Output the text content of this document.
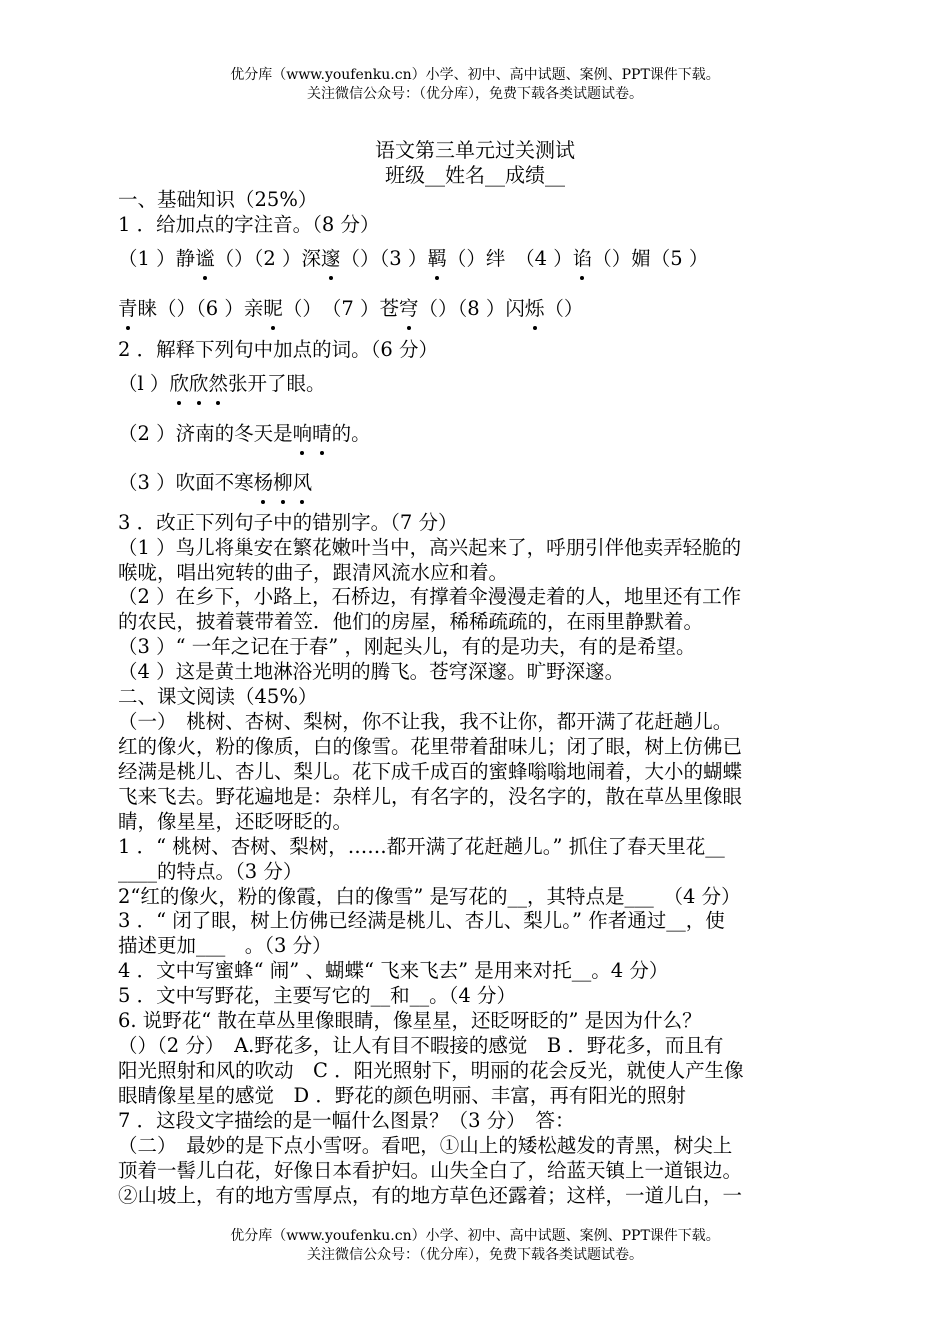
优分库（www.youfenku.cn）小学、初中、高中试题、案例、PPT课件下载。
关注微信公众号：（优分库），免费下载各类试题试卷。
语文第三单元过关测试
班级__姓名__成绩__
一、基础知识（25%）
1 ．给加点的字注音。（8 分）
（1 ）静谧（）（2 ）深邃（）（3 ）羁（）绊　（4 ）谄（）媚（5 ）
青睐（）（6 ）亲昵（）　（7 ）苍穹（）（8 ）闪烁（）
2 ．解释下列句中加点的词。（6 分）
（l ）欣欣然张开了眼。
（2 ）济南的冬天是响晴的。
（3 ）吹面不寒杨柳风
3 ．改正下列句子中的错别字。（7 分）
（1 ）鸟儿将巢安在繁花嫩叶当中，高兴起来了，呼朋引伴他卖弄轻脆的
喉咙，唱出宛转的曲子，跟清风流水应和着。
（2 ）在乡下，小路上，石桥边，有撑着伞漫漫走着的人，地里还有工作
的农民，披着蓑带着笠．他们的房屋，稀稀疏疏的，在雨里静默着。
（3 ）“ 一年之记在于春” ，刚起头儿，有的是功夫，有的是希望。
（4 ）这是黄土地淋浴光明的腾飞。苍穹深邃。旷野深邃。
二、课文阅读（45%）
（一）　桃树、杏树、梨树，你不让我，我不让你，都开满了花赶趟儿。
红的像火，粉的像质，白的像雪。花里带着甜味儿；闭了眼，树上仿佛已
经满是桃儿、杏儿、梨儿。花下成千成百的蜜蜂嗡嗡地闹着，大小的蝴蝶
飞来飞去。野花遍地是：杂样儿，有名字的，没名字的，散在草丛里像眼
睛，像星星，还眨呀眨的。
1 ．“ 桃树、杏树、梨树，……都开满了花赶趟儿。” 抓住了春天里花__
____的特点。（3 分）
2“红的像火，粉的像霞，白的像雪” 是写花的__，其特点是___　（4 分）
3 ．“ 闭了眼，树上仿佛已经满是桃儿、杏儿、梨儿。” 作者通过__，使
描述更加___　。（3 分）
4 ．文中写蜜蜂“ 闹” 、蝴蝶“ 飞来飞去” 是用来对托__。4 分）
5 ．文中写野花，主要写它的__和__。（4 分）
6. 说野花“ 散在草丛里像眼睛，像星星，还眨呀眨的” 是因为什么？
（）（2 分）　A.野花多，让人有目不暇接的感觉　B ．野花多，而且有
阳光照射和风的吹动　C ．阳光照射下，明丽的花会反光，就使人产生像
眼睛像星星的感觉　D ．野花的颜色明丽、丰富，再有阳光的照射
7 ．这段文字描绘的是一幅什么图景？（3 分）　答：
（二）　最妙的是下点小雪呀。看吧，①山上的矮松越发的青黑，树尖上
顶着一髻儿白花，好像日本看护妇。山失全白了，给蓝天镇上一道银边。
②山坡上，有的地方雪厚点，有的地方草色还露着；这样，一道儿白，一
优分库（www.youfenku.cn）小学、初中、高中试题、案例、PPT课件下载。
关注微信公众号：（优分库），免费下载各类试题试卷。
